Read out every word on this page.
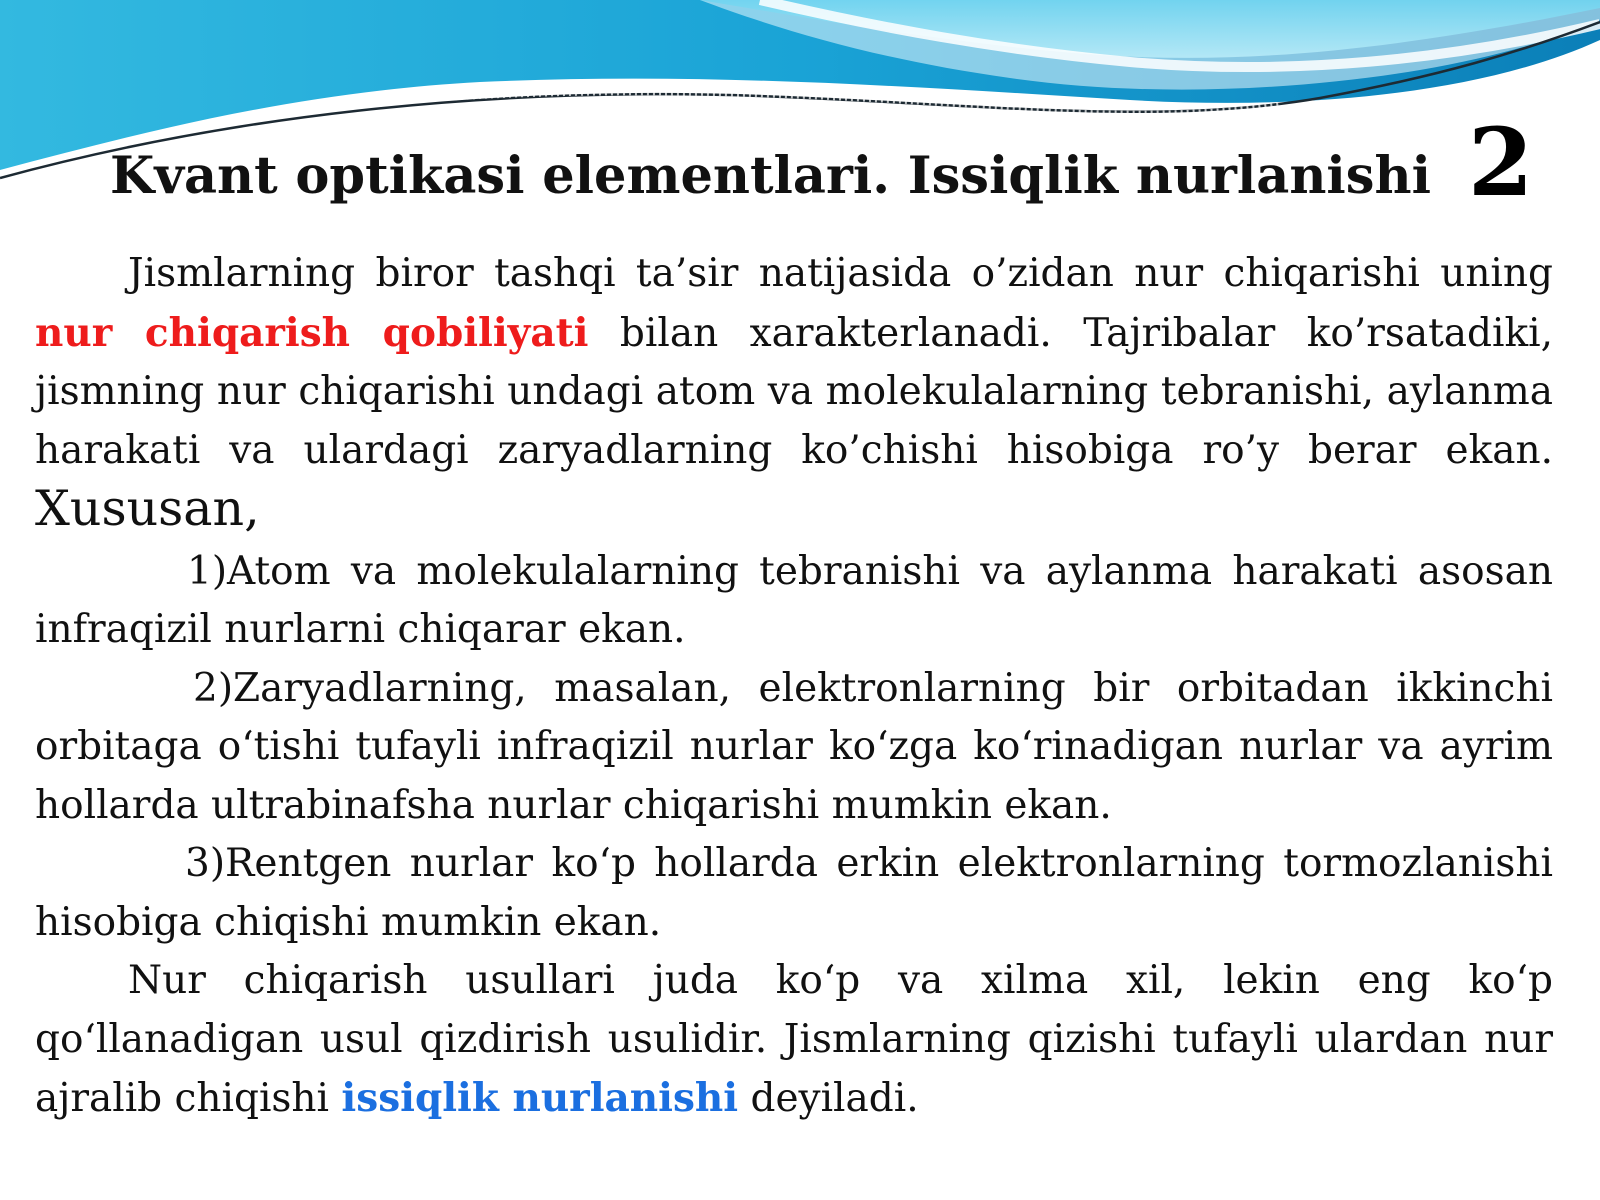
Kvant optikasi elementlari. Issiqlik nurlanishi 2

Jismlarning biror tashqi ta’sir natijasida o’zidan nur chiqarishi uning nur chiqarish qobiliyati bilan xarakterlanadi. Tajribalar ko’rsatadiki, jismning nur chiqarishi undagi atom va molekulalarning tebranishi, aylanma harakati va ulardagi zaryadlarning ko’chishi hisobiga ro’y berar ekan. Xususan,

1)Atom va molekulalarning tebranishi va aylanma harakati asosan infraqizil nurlarni chiqarar ekan.

2)Zaryadlarning, masalan, elektronlarning bir orbitadan ikkinchi orbitaga o‘tishi tufayli infraqizil nurlar ko‘zga ko‘rinadigan nurlar va ayrim hollarda ultrabinafsha nurlar chiqarishi mumkin ekan.

3)Rentgen nurlar ko‘p hollarda erkin elektronlarning tormozlanishi hisobiga chiqishi mumkin ekan.

Nur chiqarish usullari juda ko‘p va xilma xil, lekin eng ko‘p qo‘llanadigan usul qizdirish usulidir. Jismlarning qizishi tufayli ulardan nur ajralib chiqishi issiqlik nurlanishi deyiladi.
